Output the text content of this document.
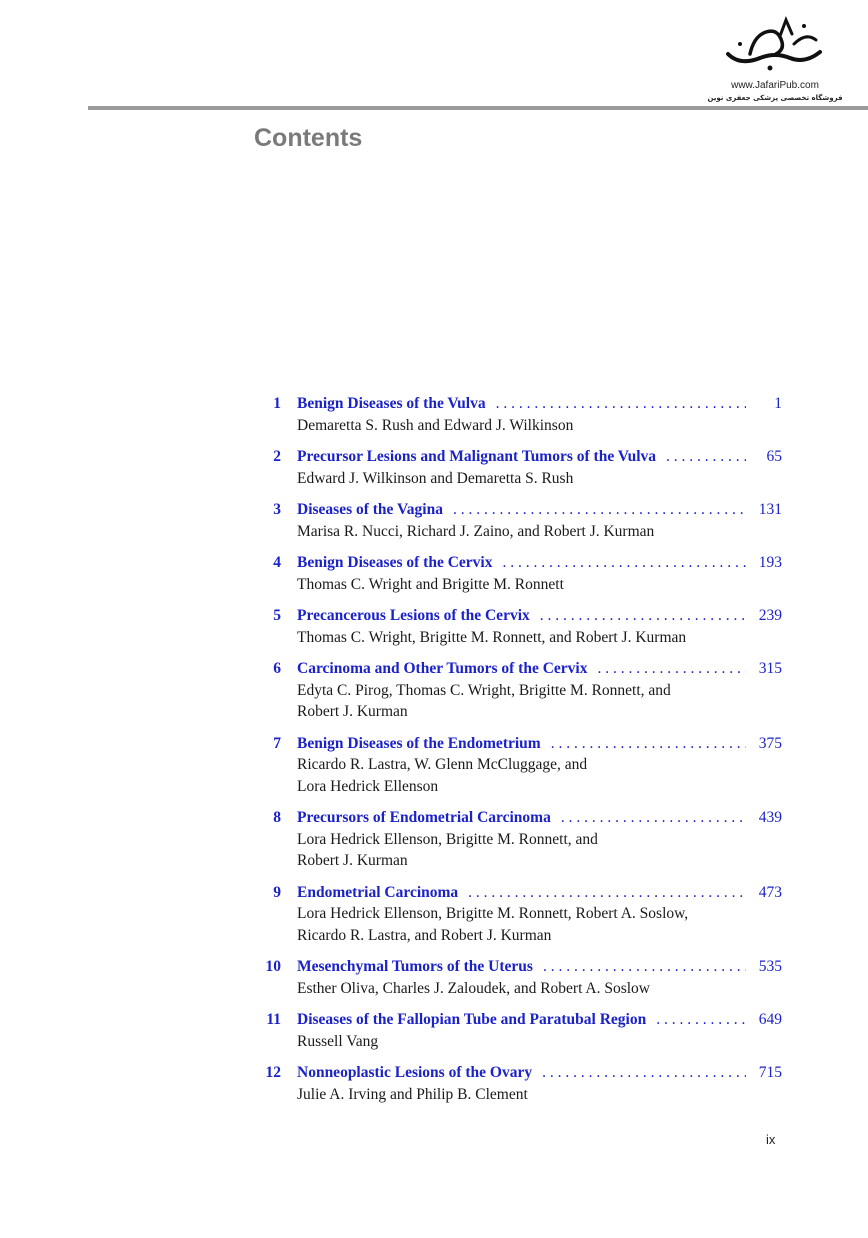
www.JafariPub.com
فروشگاه تخصصی پزشکی جعفری نوین
Contents
1 Benign Diseases of the Vulva . . .	1
Demaretta S. Rush and Edward J. Wilkinson
2 Precursor Lesions and Malignant Tumors of the Vulva . . .	65
Edward J. Wilkinson and Demaretta S. Rush
3 Diseases of the Vagina . . .	131
Marisa R. Nucci, Richard J. Zaino, and Robert J. Kurman
4 Benign Diseases of the Cervix . . .	193
Thomas C. Wright and Brigitte M. Ronnett
5 Precancerous Lesions of the Cervix . . .	239
Thomas C. Wright, Brigitte M. Ronnett, and Robert J. Kurman
6 Carcinoma and Other Tumors of the Cervix . . .	315
Edyta C. Pirog, Thomas C. Wright, Brigitte M. Ronnett, and
Robert J. Kurman
7 Benign Diseases of the Endometrium . . .	375
Ricardo R. Lastra, W. Glenn McCluggage, and
Lora Hedrick Ellenson
8 Precursors of Endometrial Carcinoma . . .	439
Lora Hedrick Ellenson, Brigitte M. Ronnett, and
Robert J. Kurman
9 Endometrial Carcinoma . . .	473
Lora Hedrick Ellenson, Brigitte M. Ronnett, Robert A. Soslow,
Ricardo R. Lastra, and Robert J. Kurman
10 Mesenchymal Tumors of the Uterus . . .	535
Esther Oliva, Charles J. Zaloudek, and Robert A. Soslow
11 Diseases of the Fallopian Tube and Paratubal Region . . .	649
Russell Vang
12 Nonneoplastic Lesions of the Ovary . . .	715
Julie A. Irving and Philip B. Clement
ix
